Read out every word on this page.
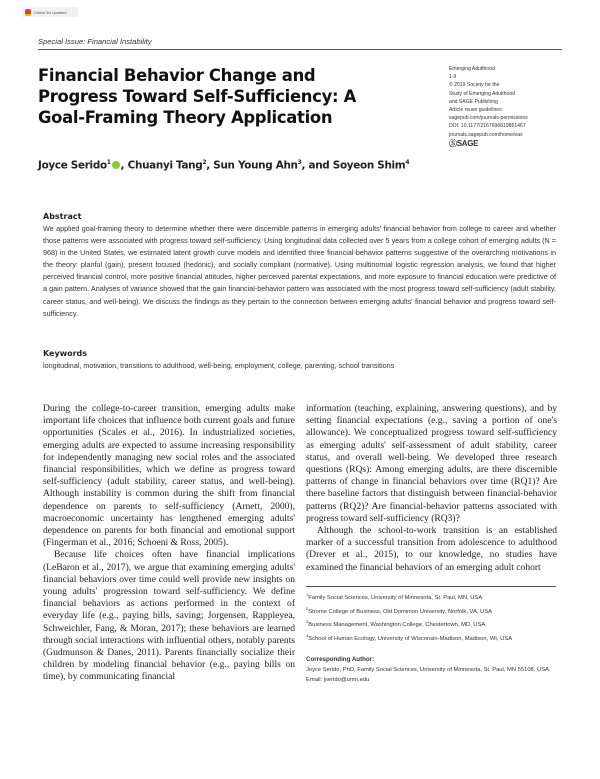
Check for updates
Special Issue: Financial Instability
Financial Behavior Change and Progress Toward Self-Sufficiency: A Goal-Framing Theory Application
Emerging Adulthood
1-9
© 2019 Society for the
Study of Emerging Adulthood
and SAGE Publishing
Article reuse guidelines:
sagepub.com/journals-permissions
DOI: 10.1177/2167696819861467
journals.sagepub.com/home/eax
ⓈSAGE
Joyce Serido$^1$ , Chuanyi Tang$^2$, Sun Young Ahn$^3$, and Soyeon Shim$^4$
Abstract
We applied goal-framing theory to determine whether there were discernible patterns in emerging adults' financial behavior from college to career and whether those patterns were associated with progress toward self-sufficiency. Using longitudinal data collected over 5 years from a college cohort of emerging adults (N = 968) in the United States, we estimated latent growth curve models and identified three financial-behavior patterns suggestive of the overarching motivations in the theory: planful (gain), present focused (hedonic), and socially compliant (normative). Using multinomial logistic regression analysis, we found that higher perceived financial control, more positive financial attitudes, higher perceived parental expectations, and more exposure to financial education were predictive of a gain pattern. Analyses of variance showed that the gain financial-behavior pattern was associated with the most progress toward self-sufficiency (adult stability, career status, and well-being). We discuss the findings as they pertain to the connection between emerging adults' financial behavior and progress toward self-sufficiency.
Keywords
longitudinal, motivation, transitions to adulthood, well-being, employment, college, parenting, school transitions

During the college-to-career transition, emerging adults make important life choices that influence both current goals and future opportunities (Scales et al., 2016). In industrialized societies, emerging adults are expected to assume increasing responsibility for independently managing new social roles and the associated financial responsibilities, which we define as progress toward self-sufficiency (adult stability, career status, and well-being). Although instability is common during the shift from financial dependence on parents to self-sufficiency (Arnett, 2000), macroeconomic uncertainty has lengthened emerging adults' dependence on parents for both financial and emotional support (Fingerman et al., 2016; Schoeni & Ross, 2005).

Because life choices often have financial implications (LeBaron et al., 2017), we argue that examining emerging adults' financial behaviors over time could well provide new insights on young adults' progression toward self-sufficiency. We define financial behaviors as actions performed in the context of everyday life (e.g., paying bills, saving; Jorgensen, Rappleyea, Schweichler, Fang, & Moran, 2017); these behaviors are learned through social interactions with influential others, notably parents (Gudmunson & Danes, 2011). Parents financially socialize their children by modeling financial behavior (e.g., paying bills on time), by communicating financial

information (teaching, explaining, answering questions), and by setting financial expectations (e.g., saving a portion of one's allowance). We conceptualized progress toward self-sufficiency as emerging adults' self-assessment of adult stability, career status, and overall well-being. We developed three research questions (RQs): Among emerging adults, are there discernible patterns of change in financial behaviors over time (RQ1)? Are there baseline factors that distinguish between financial-behavior patterns (RQ2)? Are financial-behavior patterns associated with progress toward self-sufficiency (RQ3)?

Although the school-to-work transition is an established marker of a successful transition from adolescence to adulthood (Drever et al., 2015), to our knowledge, no studies have examined the financial behaviors of an emerging adult cohort

$^1$Family Social Sciences, University of Minnesota, St. Paul, MN, USA
$^2$Strome College of Business, Old Dominion University, Norfolk, VA, USA
$^3$Business Management, Washington College, Chestertown, MD, USA
$^4$School of Human Ecology, University of Wisconsin-Madison, Madison, WI, USA
Corresponding Author:
Joyce Serido, PhD, Family Social Sciences, University of Minnesota, St. Paul, MN 55108, USA.
Email: jserido@umn.edu
